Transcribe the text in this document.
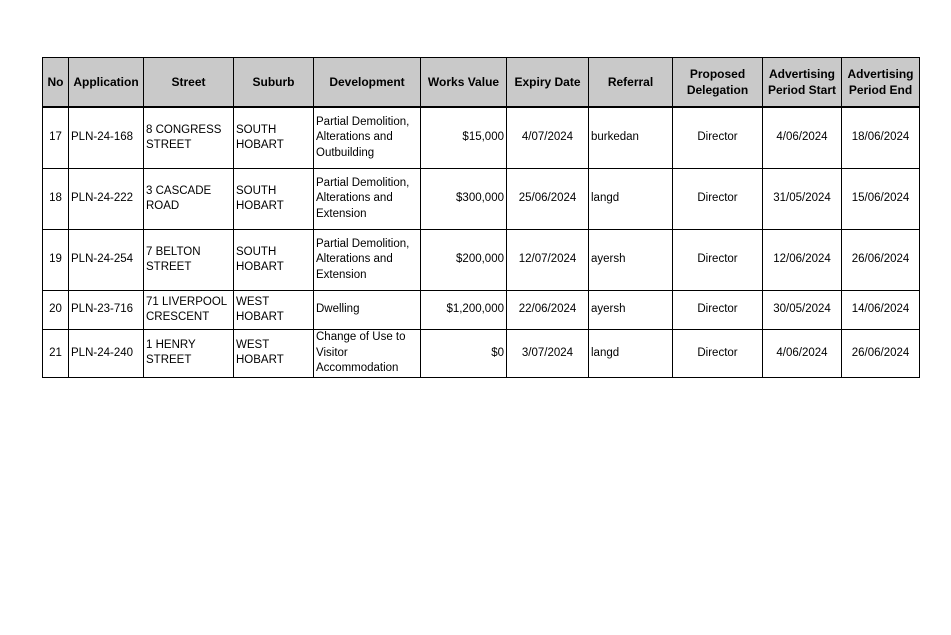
No	Application	Street	Suburb	Development	Works Value	Expiry Date	Referral	Proposed Delegation	Advertising Period Start	Advertising Period End
17	PLN-24-168	8 CONGRESS STREET	SOUTH HOBART	Partial Demolition, Alterations and Outbuilding	$15,000	4/07/2024	burkedan	Director	4/06/2024	18/06/2024
18	PLN-24-222	3 CASCADE ROAD	SOUTH HOBART	Partial Demolition, Alterations and Extension	$300,000	25/06/2024	langd	Director	31/05/2024	15/06/2024
19	PLN-24-254	7 BELTON STREET	SOUTH HOBART	Partial Demolition, Alterations and Extension	$200,000	12/07/2024	ayersh	Director	12/06/2024	26/06/2024
20	PLN-23-716	71 LIVERPOOL CRESCENT	WEST HOBART	Dwelling	$1,200,000	22/06/2024	ayersh	Director	30/05/2024	14/06/2024
21	PLN-24-240	1 HENRY STREET	WEST HOBART	Change of Use to Visitor Accommodation	$0	3/07/2024	langd	Director	4/06/2024	26/06/2024
